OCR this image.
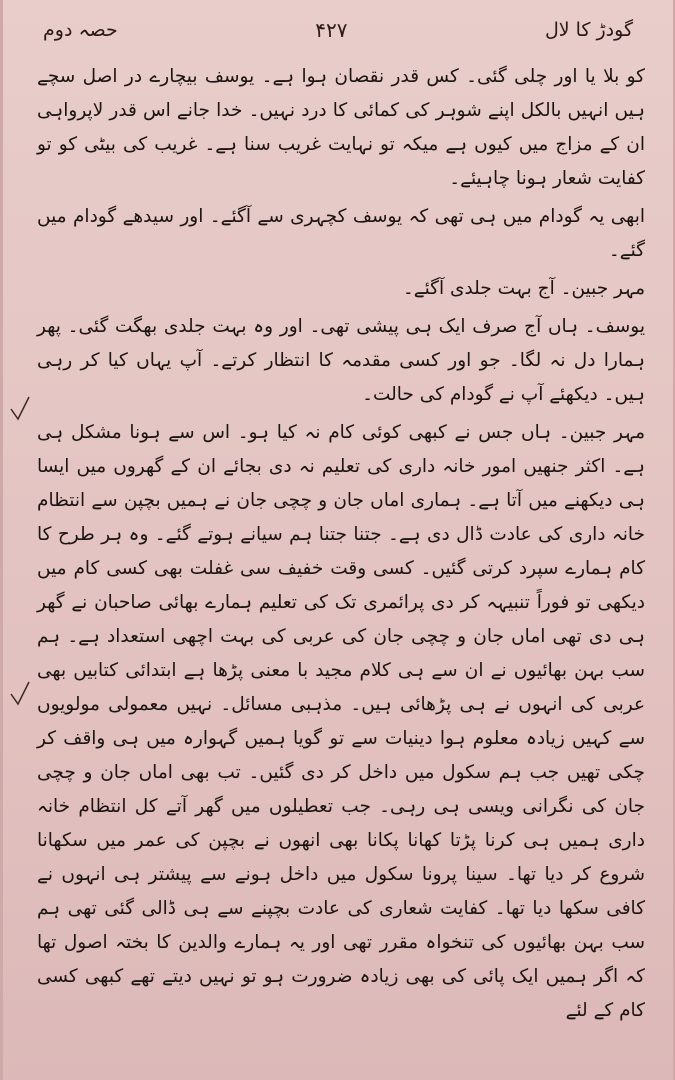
حصہ دوم	۴۲۷	گودڑ کا لال

کو بلا یا اور چلی گئی۔ کس قدر نقصان ہوا ہے۔ یوسف بیچارے در اصل سچے ہیں انہیں بالکل اپنے شوہر کی کمائی کا درد نہیں۔ خدا جانے اس قدر لاپرواہی ان کے مزاج میں کیوں ہے میکہ تو نہایت غریب سنا ہے۔ غریب کی بیٹی کو تو کفایت شعار ہونا چاہیئے۔

ابھی یہ گودام میں ہی تھی کہ یوسف کچہری سے آگئے۔ اور سیدھے گودام میں گئے۔

مہر جبین۔ آج بہت جلدی آگئے۔

یوسف۔ ہاں آج صرف ایک ہی پیشی تھی۔ اور وہ بہت جلدی بھگت گئی۔ پھر ہمارا دل نہ لگا۔ جو اور کسی مقدمہ کا انتظار کرتے۔ آپ یہاں کیا کر رہی ہیں۔ دیکھئے آپ نے گودام کی حالت۔

مہر جبین۔ ہاں جس نے کبھی کوئی کام نہ کیا ہو۔ اس سے ہونا مشکل ہی ہے۔ اکثر جنھیں امور خانہ داری کی تعلیم نہ دی بجائے ان کے گھروں میں ایسا ہی دیکھنے میں آتا ہے۔ ہماری اماں جان و چچی جان نے ہمیں بچپن سے انتظام خانہ داری کی عادت ڈال دی ہے۔ جتنا جتنا ہم سیانے ہوتے گئے۔ وہ ہر طرح کا کام ہمارے سپرد کرتی گئیں۔ کسی وقت خفیف سی غفلت بھی کسی کام میں دیکھی تو فوراً تنبیہہ کر دی پرائمری تک کی تعلیم ہمارے بھائی صاحبان نے گھر ہی دی تھی اماں جان و چچی جان کی عربی کی بہت اچھی استعداد ہے۔ ہم سب بہن بھائیوں نے ان سے ہی کلام مجید با معنی پڑھا ہے ابتدائی کتابیں بھی عربی کی انہوں نے ہی پڑھائی ہیں۔ مذہبی مسائل۔ نہیں معمولی مولویوں سے کہیں زیادہ معلوم ہوا دینیات سے تو گویا ہمیں گہوارہ میں ہی واقف کر چکی تھیں جب ہم سکول میں داخل کر دی گئیں۔ تب بھی اماں جان و چچی جان کی نگرانی ویسی ہی رہی۔ جب تعطیلوں میں گھر آتے کل انتظام خانہ داری ہمیں ہی کرنا پڑتا کھانا پکانا بھی انھوں نے بچپن کی عمر میں سکھانا شروع کر دیا تھا۔ سینا پرونا سکول میں داخل ہونے سے پیشتر ہی انہوں نے کافی سکھا دیا تھا۔ کفایت شعاری کی عادت بچپنے سے ہی ڈالی گئی تھی ہم سب بہن بھائیوں کی تنخواہ مقرر تھی اور یہ ہمارے والدین کا بختہ اصول تھا کہ اگر ہمیں ایک پائی کی بھی زیادہ ضرورت ہو تو نہیں دیتے تھے کبھی کسی کام کے لئے
